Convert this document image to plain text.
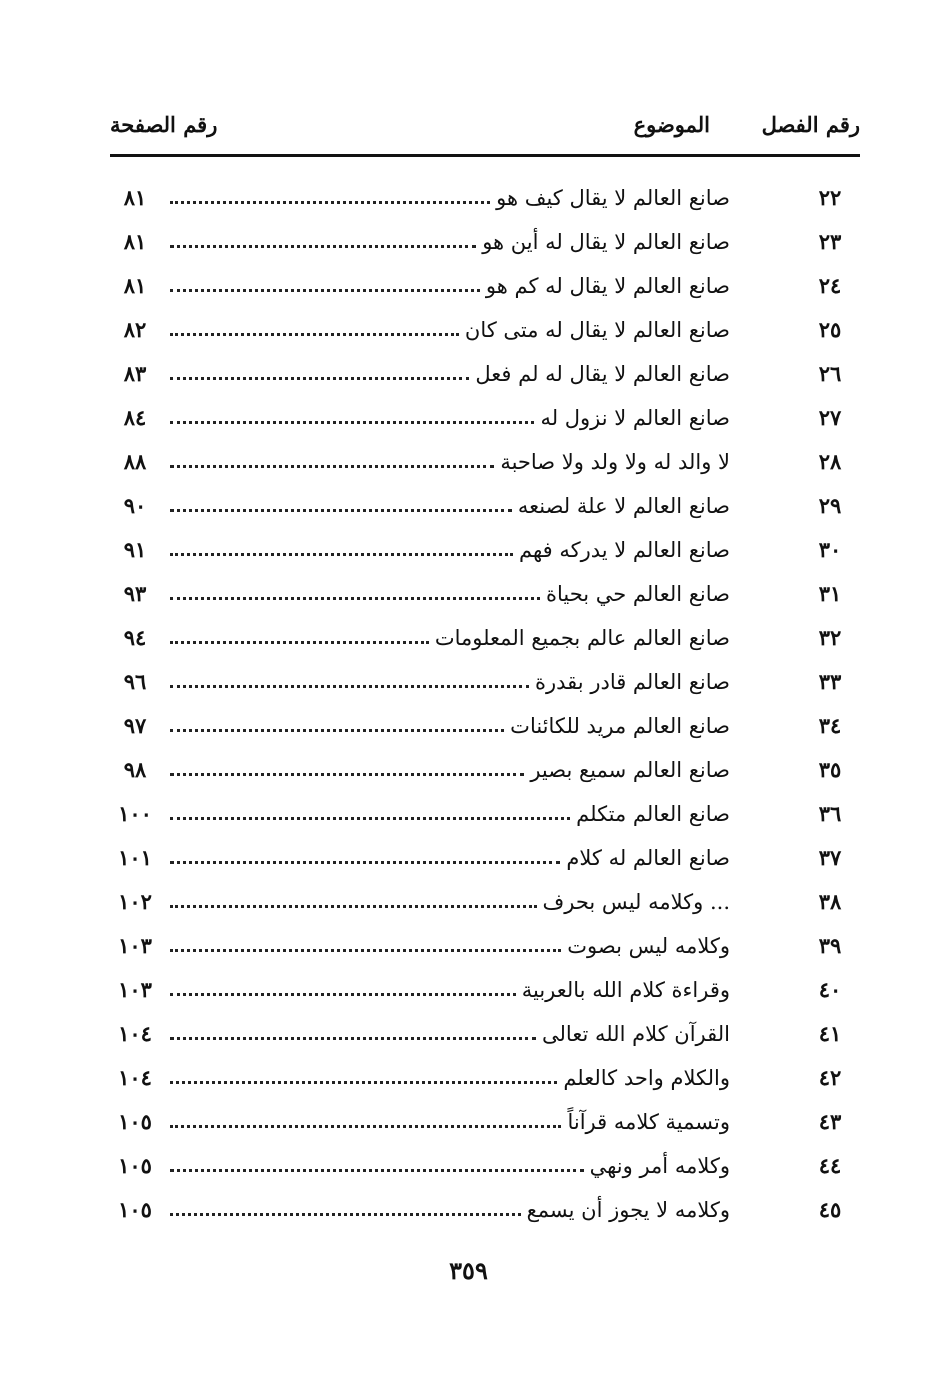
رقم الفصل
الموضوع
رقم الصفحة
٢٢
صانع العالم لا يقال كيف هو
٨١
٢٣
صانع العالم لا يقال له أين هو
٨١
٢٤
صانع العالم لا يقال له كم هو
٨١
٢٥
صانع العالم لا يقال له متى كان
٨٢
٢٦
صانع العالم لا يقال له لم فعل
٨٣
٢٧
صانع العالم لا نزول له
٨٤
٢٨
لا والد له ولا ولد ولا صاحبة
٨٨
٢٩
صانع العالم لا علة لصنعه
٩٠
٣٠
صانع العالم لا يدركه فهم
٩١
٣١
صانع العالم حي بحياة
٩٣
٣٢
صانع العالم عالم بجميع المعلومات
٩٤
٣٣
صانع العالم قادر بقدرة
٩٦
٣٤
صانع العالم مريد للكائنات
٩٧
٣٥
صانع العالم سميع بصير
٩٨
٣٦
صانع العالم متكلم
١٠٠
٣٧
صانع العالم له كلام
١٠١
٣٨
... وكلامه ليس بحرف
١٠٢
٣٩
وكلامه ليس بصوت
١٠٣
٤٠
وقراءة كلام الله بالعربية
١٠٣
٤١
القرآن كلام الله تعالى
١٠٤
٤٢
والكلام واحد كالعلم
١٠٤
٤٣
وتسمية كلامه قرآناً
١٠٥
٤٤
وكلامه أمر ونهي
١٠٥
٤٥
وكلامه لا يجوز أن يسمع
١٠٥
٣٥٩
